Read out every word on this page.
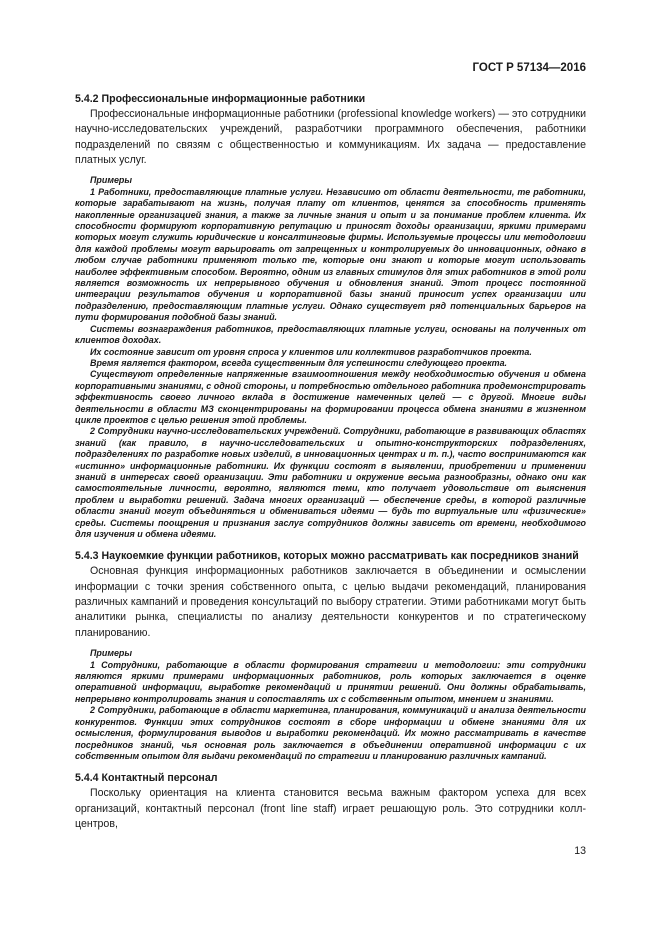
ГОСТ Р 57134—2016

5.4.2 Профессиональные информационные работники

Профессиональные информационные работники (professional knowledge workers) — это сотрудники научно-исследовательских учреждений, разработчики программного обеспечения, работники подразделений по связям с общественностью и коммуникациям. Их задача — предоставление платных услуг.

Примеры

1 Работники, предоставляющие платные услуги. Независимо от области деятельности, те работники, которые зарабатывают на жизнь, получая плату от клиентов, ценятся за способность применять накопленные организацией знания, а также за личные знания и опыт и за понимание проблем клиента. Их способности формируют корпоративную репутацию и приносят доходы организации, яркими примерами которых могут служить юридические и консалтинговые фирмы. Используемые процессы или методологии для каждой проблемы могут варьировать от запрещенных и контролируемых до инновационных, однако в любом случае работники применяют только те, которые они знают и которые могут использовать наиболее эффективным способом. Вероятно, одним из главных стимулов для этих работников в этой роли является возможность их непрерывного обучения и обновления знаний. Этот процесс постоянной интеграции результатов обучения и корпоративной базы знаний приносит успех организации или подразделению, предоставляющим платные услуги. Однако существует ряд потенциальных барьеров на пути формирования подобной базы знаний.

Системы вознаграждения работников, предоставляющих платные услуги, основаны на полученных от клиентов доходах.

Их состояние зависит от уровня спроса у клиентов или коллективов разработчиков проекта.

Время является фактором, всегда существенным для успешности следующего проекта.

Существуют определенные напряженные взаимоотношения между необходимостью обучения и обмена корпоративными знаниями, с одной стороны, и потребностью отдельного работника продемонстрировать эффективность своего личного вклада в достижение намеченных целей — с другой. Многие виды деятельности в области МЗ сконцентрированы на формировании процесса обмена знаниями в жизненном цикле проектов с целью решения этой проблемы.

2 Сотрудники научно-исследовательских учреждений. Сотрудники, работающие в развивающих областях знаний (как правило, в научно-исследовательских и опытно-конструкторских подразделениях, подразделениях по разработке новых изделий, в инновационных центрах и т. п.), часто воспринимаются как «истинно» информационные работники. Их функции состоят в выявлении, приобретении и применении знаний в интересах своей организации. Эти работники и окружение весьма разнообразны, однако они как самостоятельные личности, вероятно, являются теми, кто получает удовольствие от выяснения проблем и выработки решений. Задача многих организаций — обеспечение среды, в которой различные области знаний могут объединяться и обмениваться идеями — будь то виртуальные или «физические» среды. Системы поощрения и признания заслуг сотрудников должны зависеть от времени, необходимого для изучения и обмена идеями.

5.4.3 Наукоемкие функции работников, которых можно рассматривать как посредников знаний

Основная функция информационных работников заключается в объединении и осмыслении информации с точки зрения собственного опыта, с целью выдачи рекомендаций, планирования различных кампаний и проведения консультаций по выбору стратегии. Этими работниками могут быть аналитики рынка, специалисты по анализу деятельности конкурентов и по стратегическому планированию.

Примеры

1 Сотрудники, работающие в области формирования стратегии и методологии: эти сотрудники являются яркими примерами информационных работников, роль которых заключается в оценке оперативной информации, выработке рекомендаций и принятии решений. Они должны обрабатывать, непрерывно контролировать знания и сопоставлять их с собственным опытом, мнением и знаниями.

2 Сотрудники, работающие в области маркетинга, планирования, коммуникаций и анализа деятельности конкурентов. Функции этих сотрудников состоят в сборе информации и обмене знаниями для их осмысления, формулирования выводов и выработки рекомендаций. Их можно рассматривать в качестве посредников знаний, чья основная роль заключается в объединении оперативной информации с их собственным опытом для выдачи рекомендаций по стратегии и планированию различных кампаний.

5.4.4 Контактный персонал

Поскольку ориентация на клиента становится весьма важным фактором успеха для всех организаций, контактный персонал (front line staff) играет решающую роль. Это сотрудники колл-центров,

13
